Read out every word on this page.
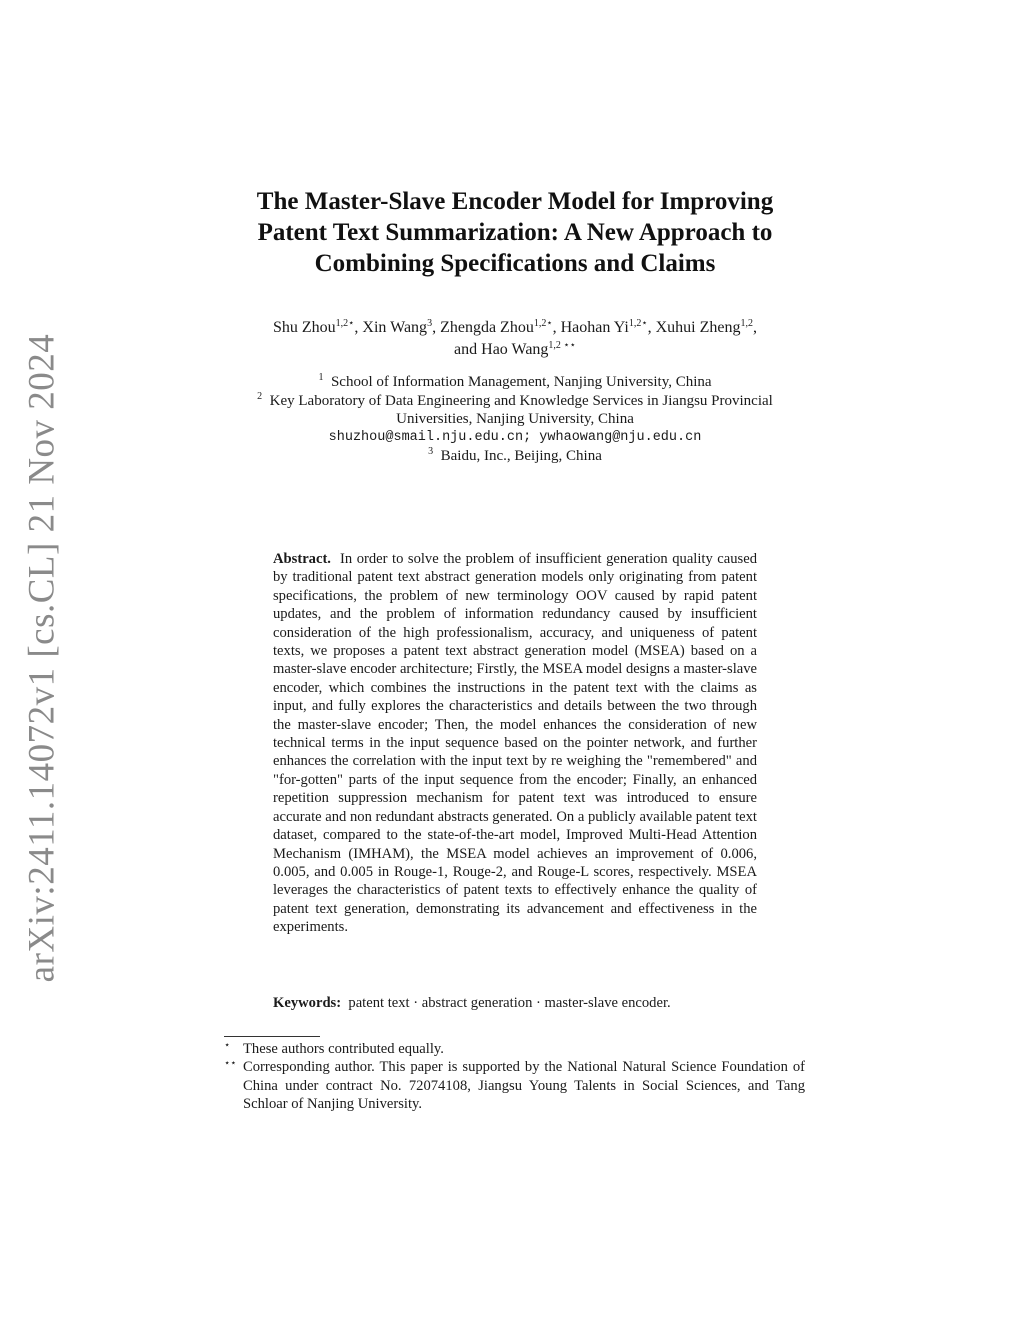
arXiv:2411.14072v1 [cs.CL] 21 Nov 2024
The Master-Slave Encoder Model for Improving
Patent Text Summarization: A New Approach to
Combining Specifications and Claims
Shu Zhou$^{1,2⋆}$, Xin Wang$^3$, Zhengda Zhou$^{1,2⋆}$, Haohan $Yi^{1,2⋆}$, Xuhui Zheng$^{1,2}$,
and Hao Wang$^{1,2 ⋆⋆}$
$^1$ School of Information Management, Nanjing University, China
$^2$ Key Laboratory of Data Engineering and Knowledge Services in Jiangsu Provincial
Universities, Nanjing University, China
shuzhou@smail.nju.edu.cn; ywhaowang@nju.edu.cn
$^3$ Baidu, Inc., Beijing, China
Abstract. In order to solve the problem of insufficient generation quality caused by traditional patent text abstract generation models only originating from patent specifications, the problem of new terminology OOV caused by rapid patent updates, and the problem of information redundancy caused by insufficient consideration of the high professionalism, accuracy, and uniqueness of patent texts, we proposes a patent text abstract generation model (MSEA) based on a master-slave encoder architecture; Firstly, the MSEA model designs a master-slave encoder, which combines the instructions in the patent text with the claims as input, and fully explores the characteristics and details between the two through the master-slave encoder; Then, the model enhances the consideration of new technical terms in the input sequence based on the pointer network, and further enhances the correlation with the input text by re weighing the "remembered" and "for-gotten" parts of the input sequence from the encoder; Finally, an enhanced repetition suppression mechanism for patent text was introduced to ensure accurate and non redundant abstracts generated. On a publicly available patent text dataset, compared to the state-of-the-art model, Improved Multi-Head Attention Mechanism (IMHAM), the MSEA model achieves an improvement of 0.006, 0.005, and 0.005 in Rouge-1, Rouge-2, and Rouge-L scores, respectively. MSEA leverages the characteristics of patent texts to effectively enhance the quality of patent text generation, demonstrating its advancement and effectiveness in the experiments.
Keywords: patent text · abstract generation · master-slave encoder.
⋆ These authors contributed equally.
⋆⋆ Corresponding author. This paper is supported by the National Natural Science Foundation of China under contract No. 72074108, Jiangsu Young Talents in Social Sciences, and Tang Schloar of Nanjing University.
